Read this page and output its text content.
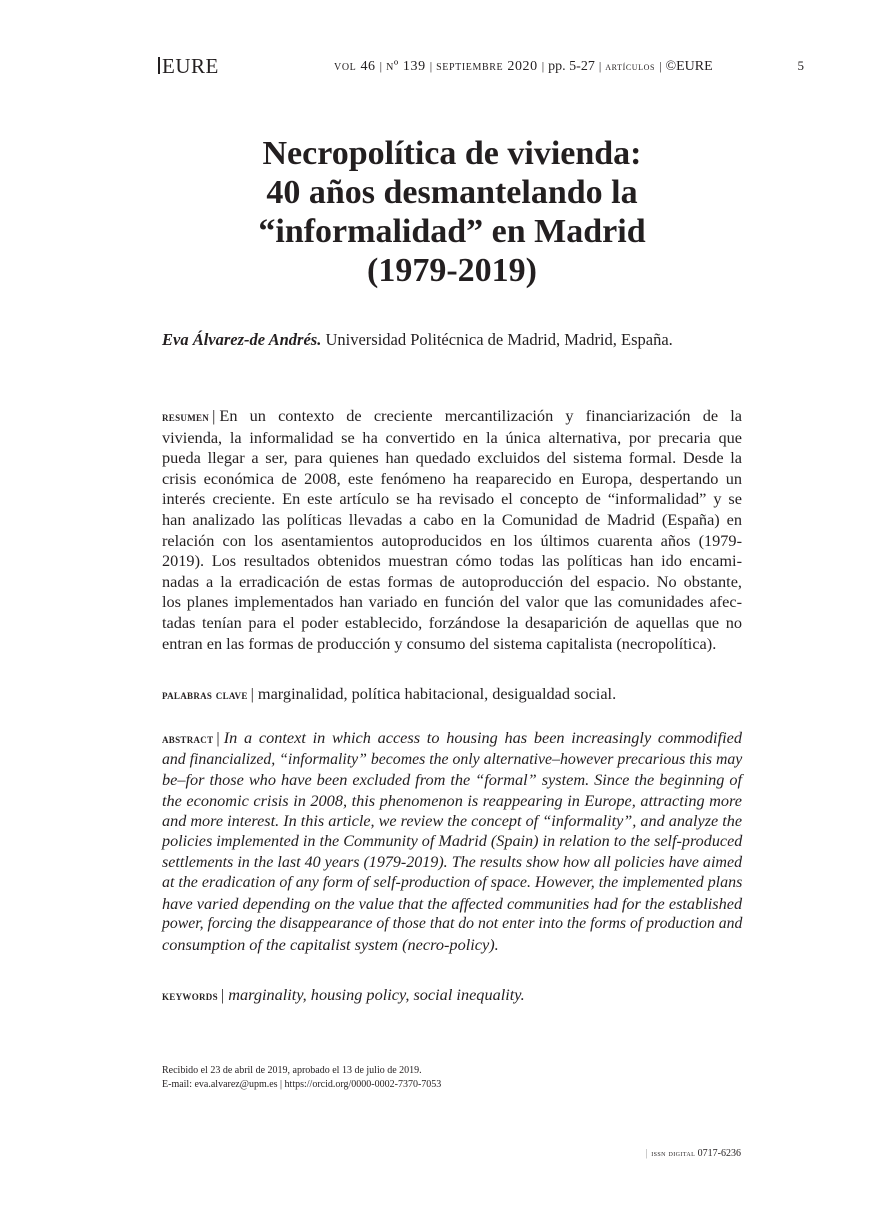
EURE	vol 46 | nº 139 | septiembre 2020 | pp. 5-27 | artículos | ©EURE	5
Necropolítica de vivienda:
40 años desmantelando la
“informalidad” en Madrid
(1979-2019)
Eva Álvarez-de Andrés. Universidad Politécnica de Madrid, Madrid, España.
resumen | En un contexto de creciente mercantilización y financiarización de la
vivienda, la informalidad se ha convertido en la única alternativa, por precaria que
pueda llegar a ser, para quienes han quedado excluidos del sistema formal. Desde la
crisis económica de 2008, este fenómeno ha reaparecido en Europa, despertando un
interés creciente. En este artículo se ha revisado el concepto de “informalidad” y se
han analizado las políticas llevadas a cabo en la Comunidad de Madrid (España) en
relación con los asentamientos autoproducidos en los últimos cuarenta años (1979-
2019). Los resultados obtenidos muestran cómo todas las políticas han ido encami-
nadas a la erradicación de estas formas de autoproducción del espacio. No obstante,
los planes implementados han variado en función del valor que las comunidades afec-
tadas tenían para el poder establecido, forzándose la desaparición de aquellas que no
entran en las formas de producción y consumo del sistema capitalista (necropolítica).
palabras clave | marginalidad, política habitacional, desigualdad social.
abstract | In a context in which access to housing has been increasingly commodified
and financialized, “informality” becomes the only alternative–however precarious this may
be–for those who have been excluded from the “formal” system. Since the beginning of
the economic crisis in 2008, this phenomenon is reappearing in Europe, attracting more
and more interest. In this article, we review the concept of “informality”, and analyze the
policies implemented in the Community of Madrid (Spain) in relation to the self-produced
settlements in the last 40 years (1979-2019). The results show how all policies have aimed
at the eradication of any form of self-production of space. However, the implemented plans
have varied depending on the value that the affected communities had for the established
power, forcing the disappearance of those that do not enter into the forms of production and
consumption of the capitalist system (necro-policy).
keywords | marginality, housing policy, social inequality.
Recibido el 23 de abril de 2019, aprobado el 13 de julio de 2019.
E-mail: eva.alvarez@upm.es | https://orcid.org/0000-0002-7370-7053
| issn digital 0717-6236
